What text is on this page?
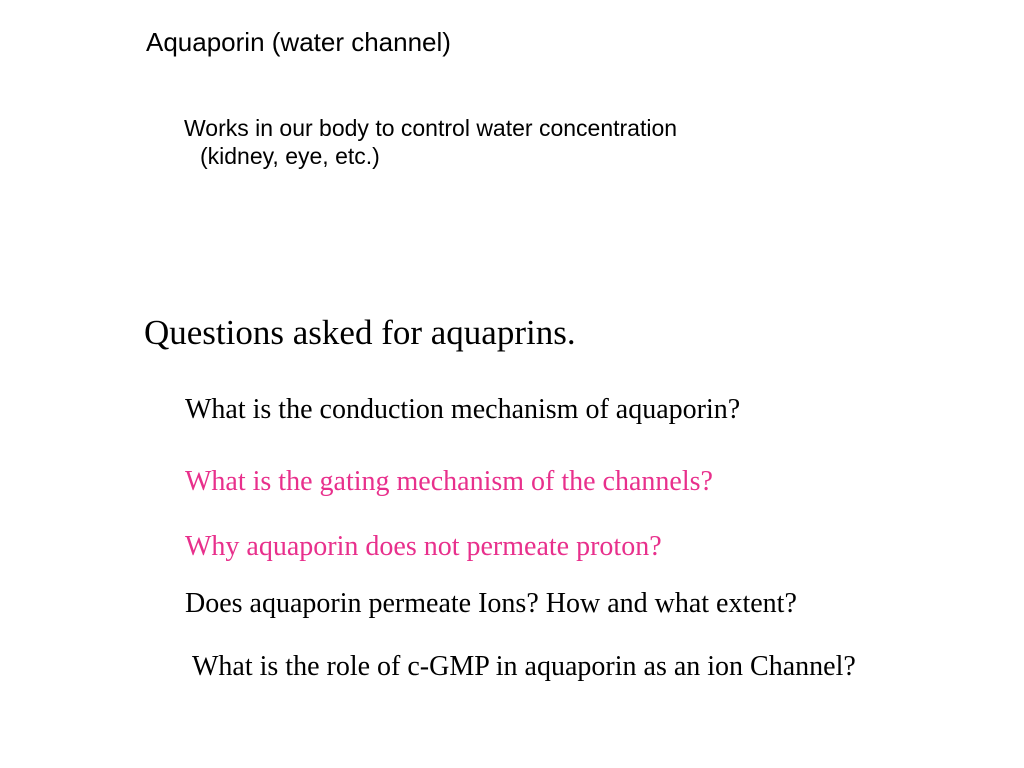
Aquaporin (water channel)

Works in our body to control water concentration
(kidney, eye, etc.)

Questions asked for aquaprins.

What is the conduction mechanism of aquaporin?

What is the gating mechanism of the channels?

Why aquaporin does not permeate proton?

Does aquaporin permeate Ions? How and what extent?

What is the role of c-GMP in aquaporin as an ion Channel?
